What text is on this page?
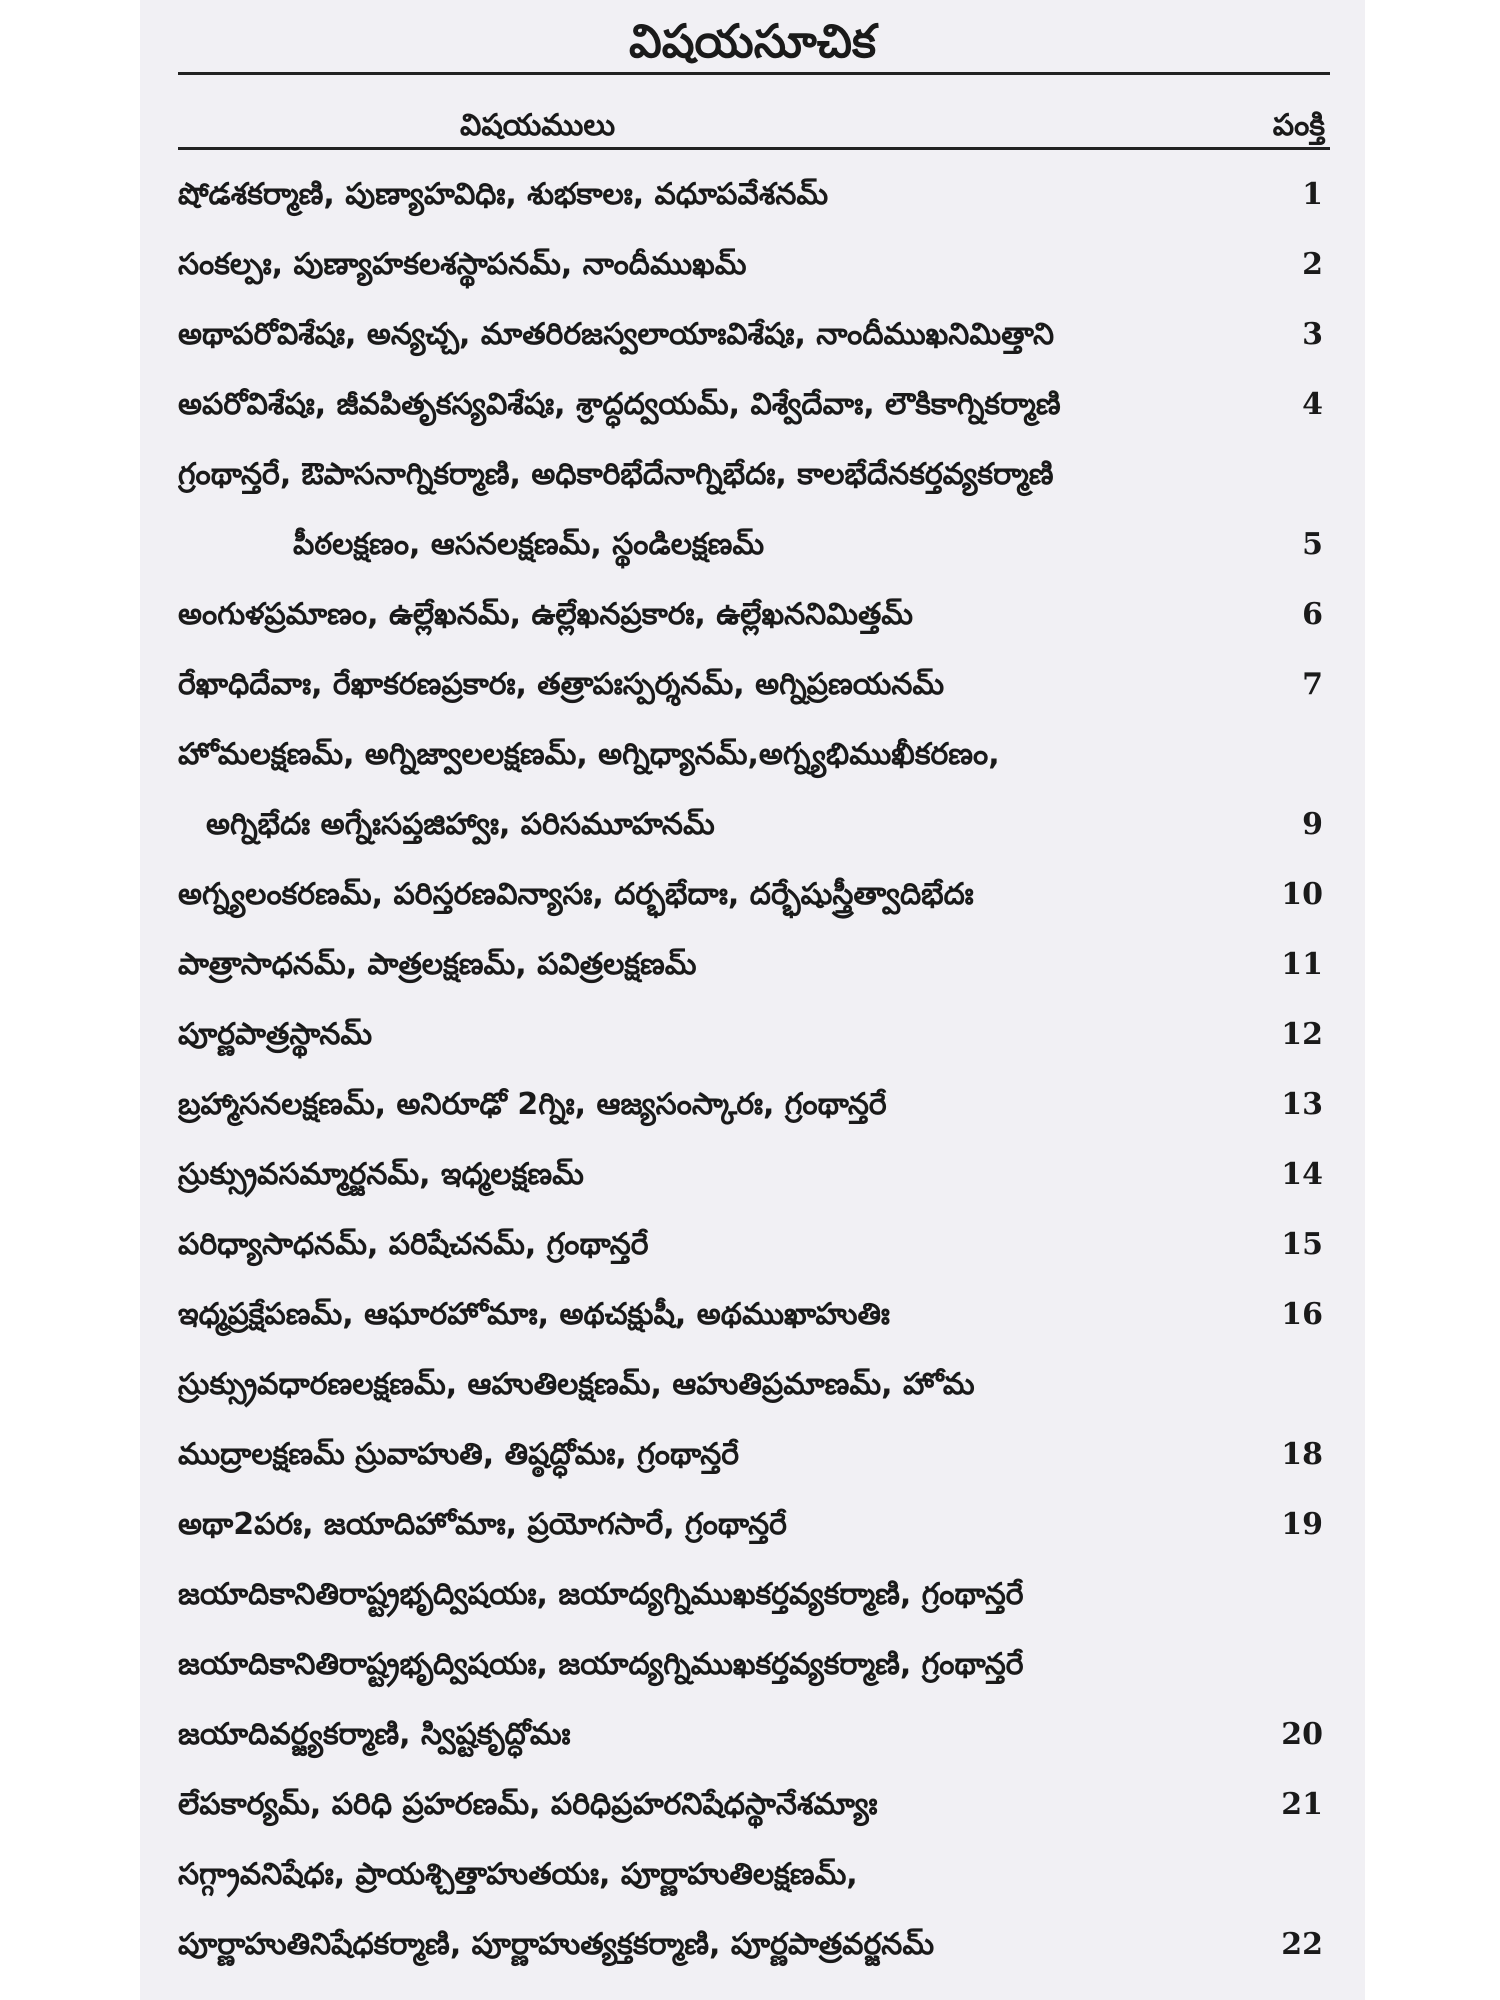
విషయసూచిక
విషయములు	పంక్తి
షోడశకర్మాణి, పుణ్యాహవిధిః, శుభకాలః, వధూపవేశనమ్	1
సంకల్పః, పుణ్యాహకలశస్థాపనమ్, నాందీముఖమ్	2
అథాపరోవిశేషః, అన్యచ్చ, మాతరిరజస్వలాయాఃవిశేషః, నాందీముఖనిమిత్తాని	3
అపరోవిశేషః, జీవపితృకస్యవిశేషః, శ్రాద్ధద్వయమ్, విశ్వేదేవాః, లౌకికాగ్నికర్మాణి	4
గ్రంథాన్తరే, ఔపాసనాగ్నికర్మాణి, అధికారిభేదేనాగ్నిభేదః, కాలభేదేనకర్తవ్యకర్మాణి
పీఠలక్షణం, ఆసనలక్షణమ్, స్థండిలక్షణమ్	5
అంగుళప్రమాణం, ఉల్లేఖనమ్, ఉల్లేఖనప్రకారః, ఉల్లేఖననిమిత్తమ్	6
రేఖాధిదేవాః, రేఖాకరణప్రకారః, తత్రాపఃస్పర్శనమ్, అగ్నిప్రణయనమ్	7
హోమలక్షణమ్, అగ్నిజ్వాలలక్షణమ్, అగ్నిధ్యానమ్,అగ్న్యభిముఖీకరణం,
అగ్నిభేదః అగ్నేఃసప్తజిహ్వాః, పరిసమూహనమ్	9
అగ్న్యలంకరణమ్, పరిస్తరణవిన్యాసః, దర్భభేదాః, దర్భేషుస్త్రీత్వాదిభేదః	10
పాత్రాసాధనమ్, పాత్రలక్షణమ్, పవిత్రలక్షణమ్	11
పూర్ణపాత్రస్థానమ్	12
బ్రహ్మాసనలక్షణమ్, అనిరూఢో 2గ్నిః, ఆజ్యసంస్కారః, గ్రంథాన్తరే	13
స్రుక్స్రువసమ్మార్జనమ్, ఇధ్మలక్షణమ్	14
పరిధ్యాసాధనమ్, పరిషేచనమ్, గ్రంథాన్తరే	15
ఇధ్మప్రక్షేపణమ్, ఆఘారహోమాః, అథచక్షుషీ, అథముఖాహుతిః	16
స్రుక్స్రువధారణలక్షణమ్, ఆహుతిలక్షణమ్, ఆహుతిప్రమాణమ్, హోమ
ముద్రాలక్షణమ్ స్రువాహుతి, తిష్ఠద్ధోమః, గ్రంథాన్తరే	18
అథా2పరః, జయాదిహోమాః, ప్రయోగసారే, గ్రంథాన్తరే	19
జయాదికానితిరాష్ట్రభృద్విషయః, జయాద్యగ్నిముఖకర్తవ్యకర్మాణి, గ్రంథాన్తరే
జయాదికానితిరాష్ట్రభృద్విషయః, జయాద్యగ్నిముఖకర్తవ్యకర్మాణి, గ్రంథాన్తరే
జయాదివర్జ్యకర్మాణి, స్విష్టకృద్ధోమః	20
లేపకార్యమ్, పరిధి ప్రహరణమ్, పరిధిప్రహరనిషేధస్థానేశమ్యాః	21
సగ్గ్రావనిషేధః, ప్రాయశ్చిత్తాహుతయః, పూర్ణాహుతిలక్షణమ్,
పూర్ణాహుతినిషేధకర్మాణి, పూర్ణాహుత్యక్తకర్మాణి, పూర్ణపాత్రవర్జనమ్	22
